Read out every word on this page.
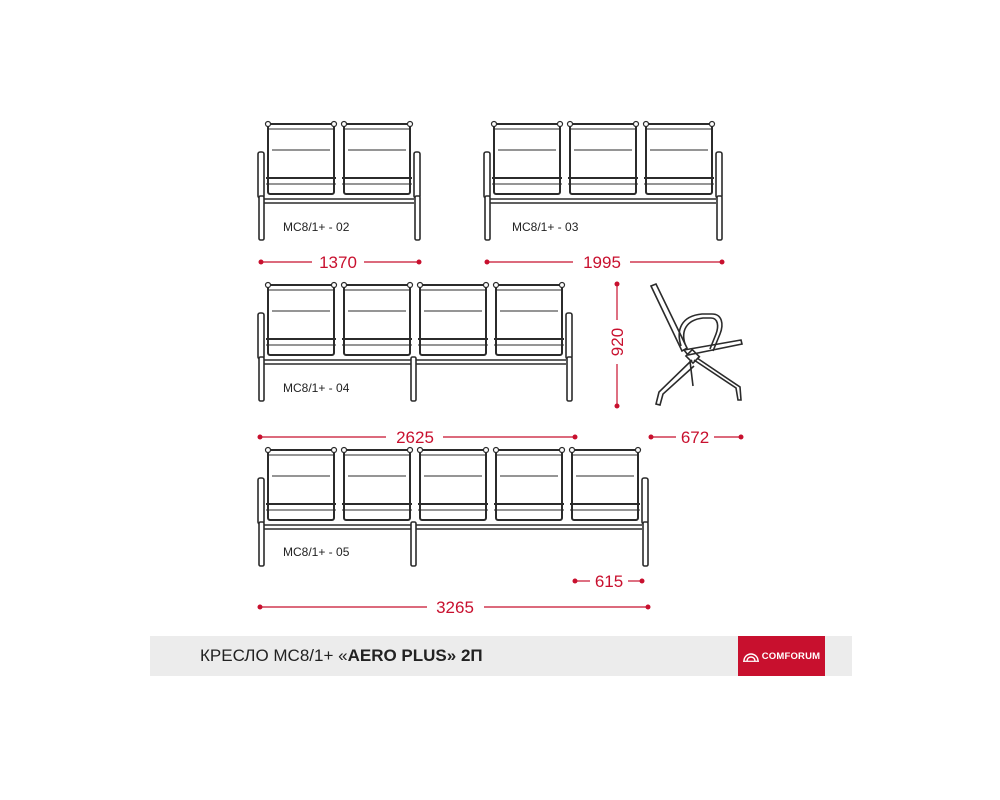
МС8/1+ - 02	МС8/1+ - 03
МС8/1+ - 04
МС8/1+ - 05
1370	1995
2625
3265
615
920
672
КРЕСЛО МС8/1+ «AERO PLUS» 2П	COMFORUM
